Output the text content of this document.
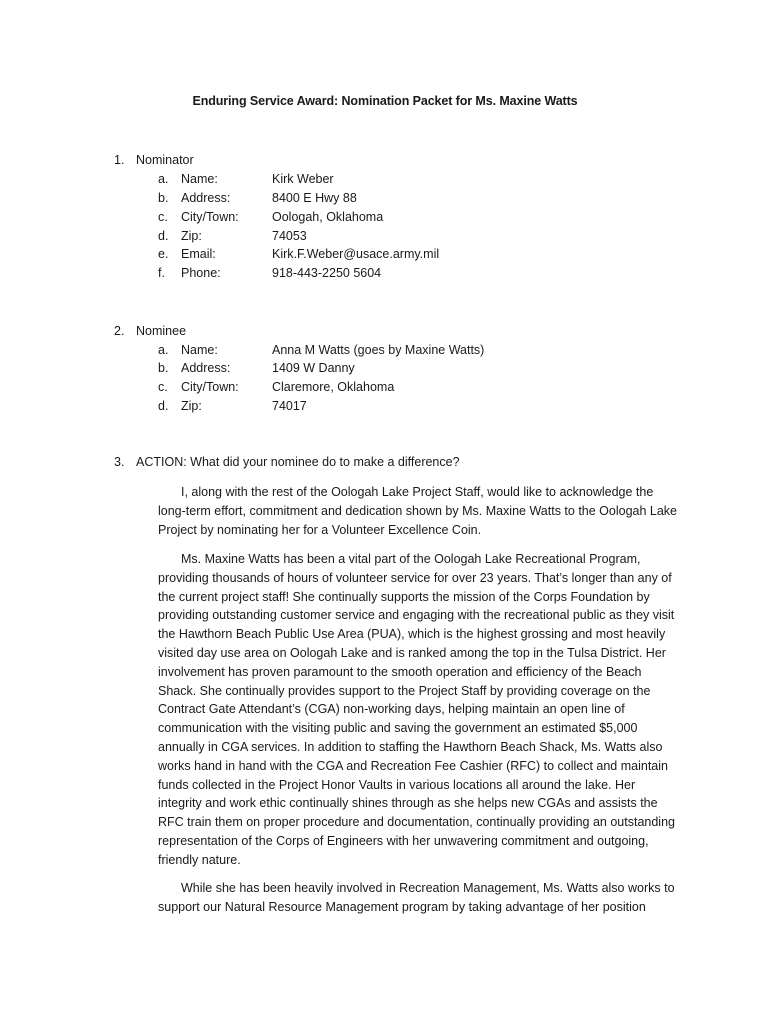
Enduring Service Award: Nomination Packet for Ms. Maxine Watts
1. Nominator
a. Name:	Kirk Weber
b. Address:	8400 E Hwy 88
c. City/Town:	Oologah, Oklahoma
d. Zip:	74053
e. Email:	Kirk.F.Weber@usace.army.mil
f. Phone:	918-443-2250 5604
2. Nominee
a. Name:	Anna M Watts (goes by Maxine Watts)
b. Address:	1409 W Danny
c. City/Town:	Claremore, Oklahoma
d. Zip:	74017
3. ACTION: What did your nominee do to make a difference?

I, along with the rest of the Oologah Lake Project Staff, would like to acknowledge the long-term effort, commitment and dedication shown by Ms. Maxine Watts to the Oologah Lake Project by nominating her for a Volunteer Excellence Coin.

Ms. Maxine Watts has been a vital part of the Oologah Lake Recreational Program, providing thousands of hours of volunteer service for over 23 years. That’s longer than any of the current project staff! She continually supports the mission of the Corps Foundation by providing outstanding customer service and engaging with the recreational public as they visit the Hawthorn Beach Public Use Area (PUA), which is the highest grossing and most heavily visited day use area on Oologah Lake and is ranked among the top in the Tulsa District. Her involvement has proven paramount to the smooth operation and efficiency of the Beach Shack. She continually provides support to the Project Staff by providing coverage on the Contract Gate Attendant’s (CGA) non-working days, helping maintain an open line of communication with the visiting public and saving the government an estimated $5,000 annually in CGA services. In addition to staffing the Hawthorn Beach Shack, Ms. Watts also works hand in hand with the CGA and Recreation Fee Cashier (RFC) to collect and maintain funds collected in the Project Honor Vaults in various locations all around the lake. Her integrity and work ethic continually shines through as she helps new CGAs and assists the RFC train them on proper procedure and documentation, continually providing an outstanding representation of the Corps of Engineers with her unwavering commitment and outgoing, friendly nature.

While she has been heavily involved in Recreation Management, Ms. Watts also works to support our Natural Resource Management program by taking advantage of her position
